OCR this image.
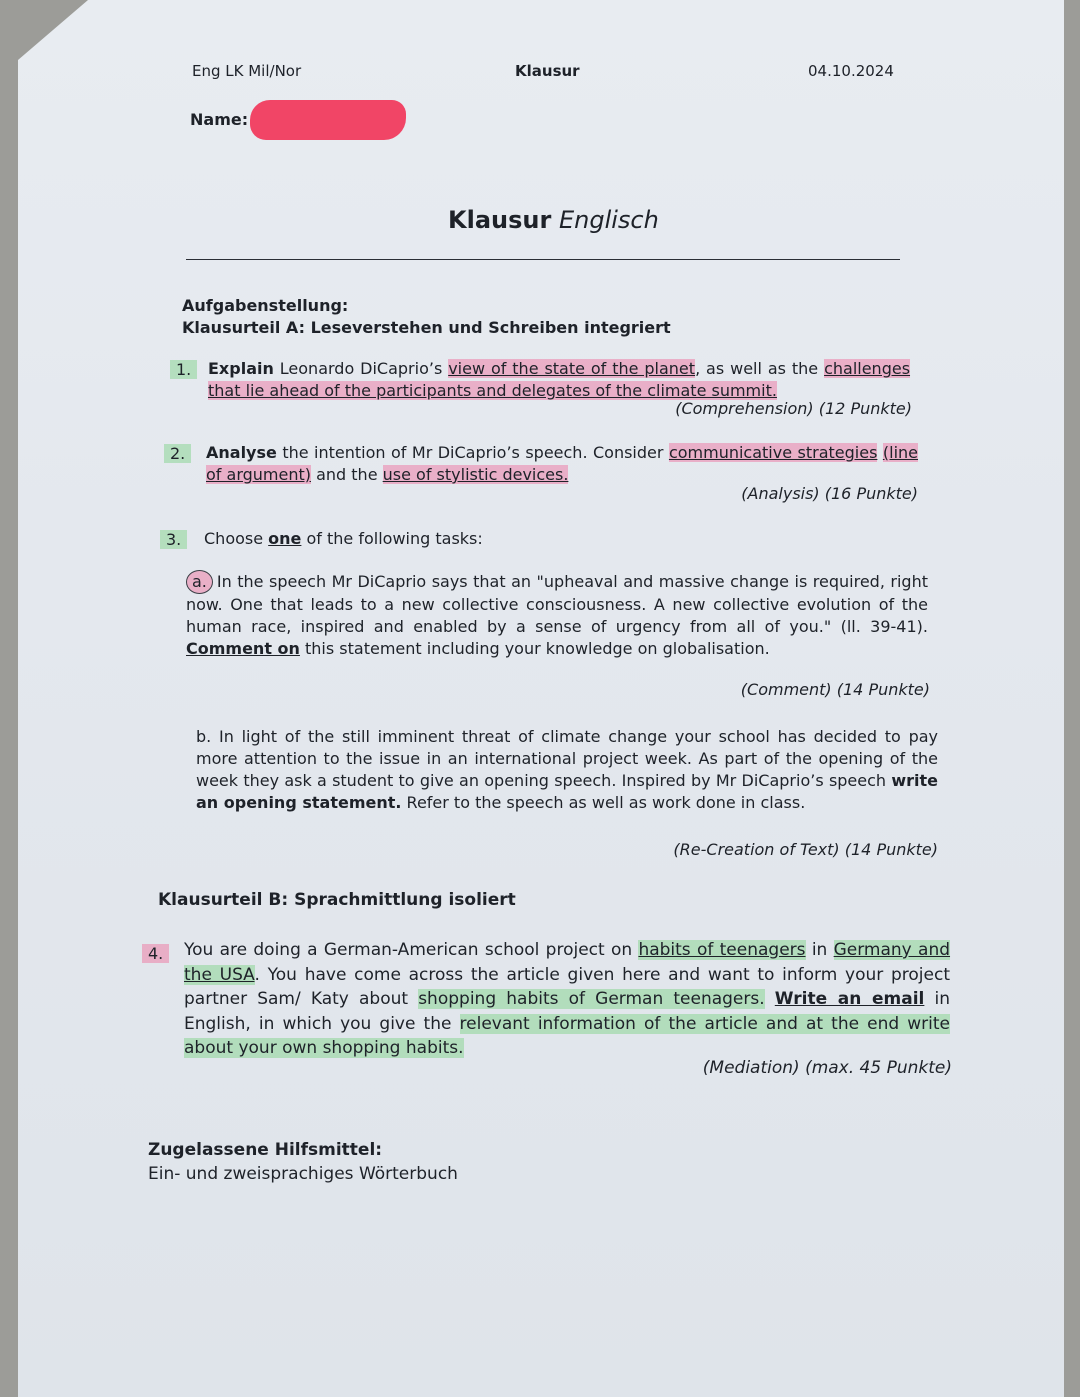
Eng LK Mil/Nor	Klausur	04.10.2024
Name:
Klausur Englisch
Aufgabenstellung:
Klausurteil A: Leseverstehen und Schreiben integriert
1.	Explain Leonardo DiCaprio’s view of the state of the planet, as well as the challenges that lie ahead of the participants and delegates of the climate summit.
(Comprehension) (12 Punkte)
2.	Analyse the intention of Mr DiCaprio’s speech. Consider communicative strategies (line of argument) and the use of stylistic devices.
(Analysis) (16 Punkte)
3.	Choose one of the following tasks:
a. In the speech Mr DiCaprio says that an "upheaval and massive change is required, right now. One that leads to a new collective consciousness. A new collective evolution of the human race, inspired and enabled by a sense of urgency from all of you." (ll. 39-41). Comment on this statement including your knowledge on globalisation.
(Comment) (14 Punkte)
b. In light of the still imminent threat of climate change your school has decided to pay more attention to the issue in an international project week. As part of the opening of the week they ask a student to give an opening speech. Inspired by Mr DiCaprio’s speech write an opening statement. Refer to the speech as well as work done in class.
(Re-Creation of Text) (14 Punkte)
Klausurteil B: Sprachmittlung isoliert
4.	You are doing a German-American school project on habits of teenagers in Germany and the USA. You have come across the article given here and want to inform your project partner Sam/ Katy about shopping habits of German teenagers. Write an email in English, in which you give the relevant information of the article and at the end write about your own shopping habits.
(Mediation) (max. 45 Punkte)
Zugelassene Hilfsmittel:
Ein- und zweisprachiges Wörterbuch
